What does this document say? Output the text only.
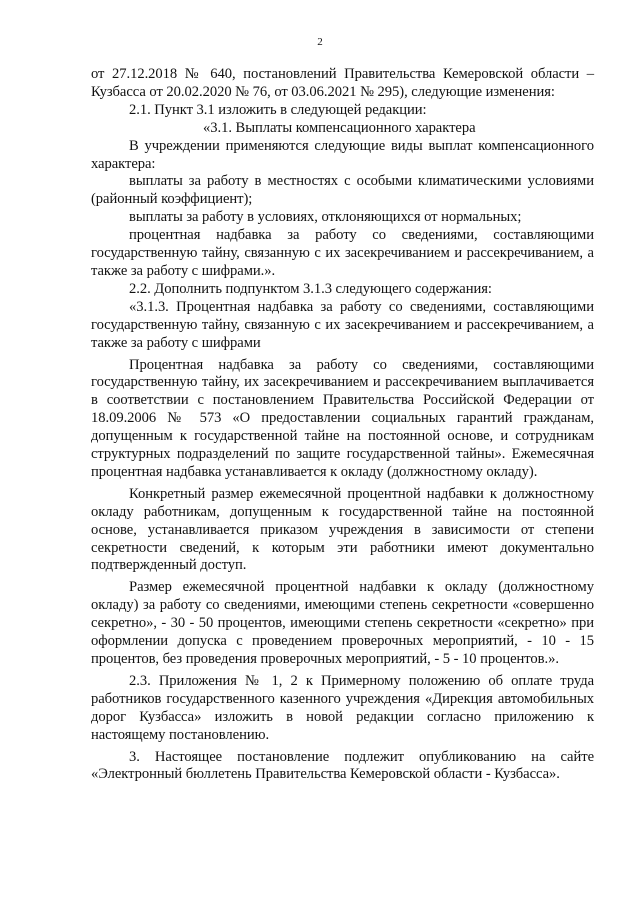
2

от 27.12.2018 № 640, постановлений Правительства Кемеровской области – Кузбасса от 20.02.2020 № 76, от 03.06.2021 № 295), следующие изменения:

2.1. Пункт 3.1 изложить в следующей редакции:

«3.1. Выплаты компенсационного характера

В учреждении применяются следующие виды выплат компенсационного характера:

выплаты за работу в местностях с особыми климатическими условиями (районный коэффициент);

выплаты за работу в условиях, отклоняющихся от нормальных;

процентная надбавка за работу со сведениями, составляющими государственную тайну, связанную с их засекречиванием и рассекречиванием, а также за работу с шифрами.».

2.2. Дополнить подпунктом 3.1.3 следующего содержания:

«3.1.3. Процентная надбавка за работу со сведениями, составляющими государственную тайну, связанную с их засекречиванием и рассекречиванием, а также за работу с шифрами

Процентная надбавка за работу со сведениями, составляющими государственную тайну, их засекречиванием и рассекречиванием выплачивается в соответствии с постановлением Правительства Российской Федерации от 18.09.2006 № 573 «О предоставлении социальных гарантий гражданам, допущенным к государственной тайне на постоянной основе, и сотрудникам структурных подразделений по защите государственной тайны». Ежемесячная процентная надбавка устанавливается к окладу (должностному окладу).

Конкретный размер ежемесячной процентной надбавки к должностному окладу работникам, допущенным к государственной тайне на постоянной основе, устанавливается приказом учреждения в зависимости от степени секретности сведений, к которым эти работники имеют документально подтвержденный доступ.

Размер ежемесячной процентной надбавки к окладу (должностному окладу) за работу со сведениями, имеющими степень секретности «совершенно секретно», - 30 - 50 процентов, имеющими степень секретности «секретно» при оформлении допуска с проведением проверочных мероприятий, - 10 - 15 процентов, без проведения проверочных мероприятий, - 5 - 10 процентов.».

2.3. Приложения № 1, 2 к Примерному положению об оплате труда работников государственного казенного учреждения «Дирекция автомобильных дорог Кузбасса» изложить в новой редакции согласно приложению к настоящему постановлению.

3. Настоящее постановление подлежит опубликованию на сайте «Электронный бюллетень Правительства Кемеровской области - Кузбасса».
